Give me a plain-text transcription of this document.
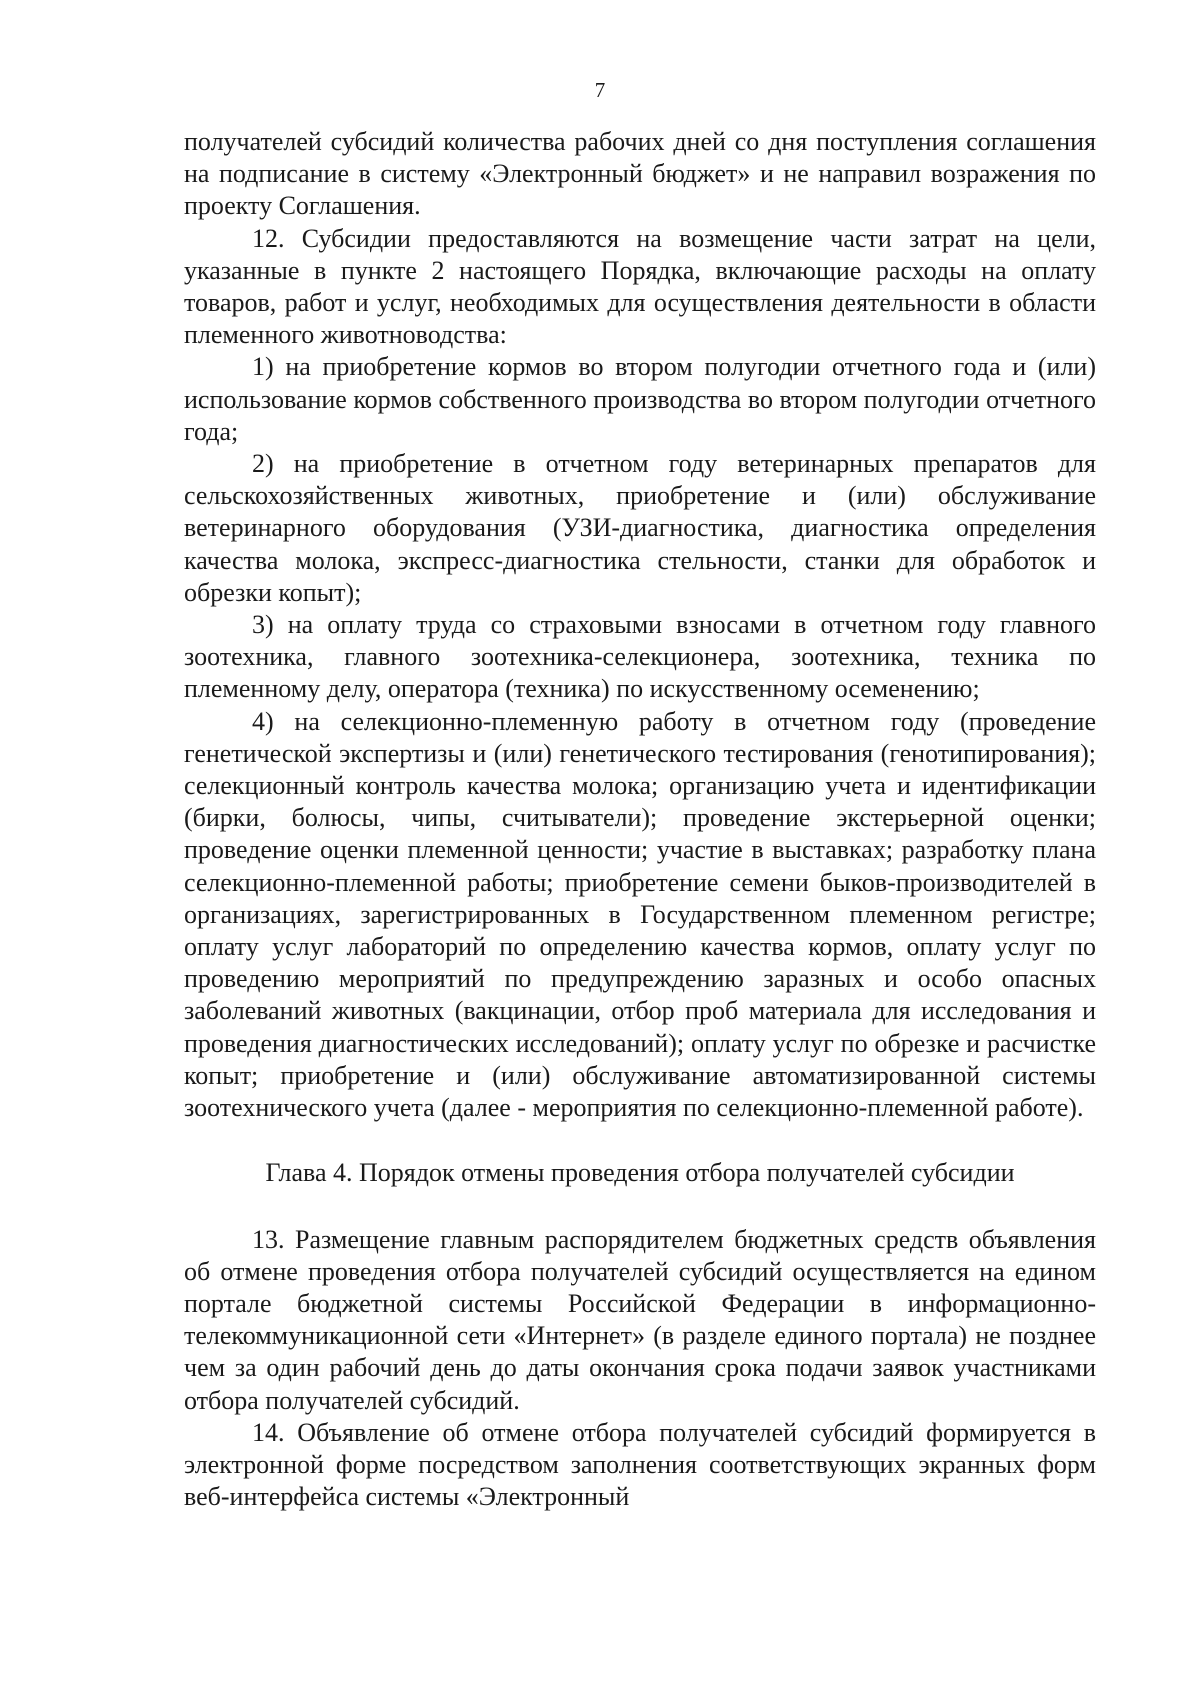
7

получателей субсидий количества рабочих дней со дня поступления соглашения на подписание в систему «Электронный бюджет» и не направил возражения по проекту Соглашения.

12. Субсидии предоставляются на возмещение части затрат на цели, указанные в пункте 2 настоящего Порядка, включающие расходы на оплату товаров, работ и услуг, необходимых для осуществления деятельности в области племенного животноводства:

1) на приобретение кормов во втором полугодии отчетного года и (или) использование кормов собственного производства во втором полугодии отчетного года;

2) на приобретение в отчетном году ветеринарных препаратов для сельскохозяйственных животных, приобретение и (или) обслуживание ветеринарного оборудования (УЗИ-диагностика, диагностика определения качества молока, экспресс-диагностика стельности, станки для обработок и обрезки копыт);

3) на оплату труда со страховыми взносами в отчетном году главного зоотехника, главного зоотехника-селекционера, зоотехника, техника по племенному делу, оператора (техника) по искусственному осеменению;

4) на селекционно-племенную работу в отчетном году (проведение генетической экспертизы и (или) генетического тестирования (генотипирования); селекционный контроль качества молока; организацию учета и идентификации (бирки, болюсы, чипы, считыватели); проведение экстерьерной оценки; проведение оценки племенной ценности; участие в выставках; разработку плана селекционно-племенной работы; приобретение семени быков-производителей в организациях, зарегистрированных в Государственном племенном регистре; оплату услуг лабораторий по определению качества кормов, оплату услуг по проведению мероприятий по предупреждению заразных и особо опасных заболеваний животных (вакцинации, отбор проб материала для исследования и проведения диагностических исследований); оплату услуг по обрезке и расчистке копыт; приобретение и (или) обслуживание автоматизированной системы зоотехнического учета (далее - мероприятия по селекционно-племенной работе).

Глава 4. Порядок отмены проведения отбора получателей субсидии

13. Размещение главным распорядителем бюджетных средств объявления об отмене проведения отбора получателей субсидий осуществляется на едином портале бюджетной системы Российской Федерации в информационно-телекоммуникационной сети «Интернет» (в разделе единого портала) не позднее чем за один рабочий день до даты окончания срока подачи заявок участниками отбора получателей субсидий.

14. Объявление об отмене отбора получателей субсидий формируется в электронной форме посредством заполнения соответствующих экранных форм веб-интерфейса системы «Электронный
